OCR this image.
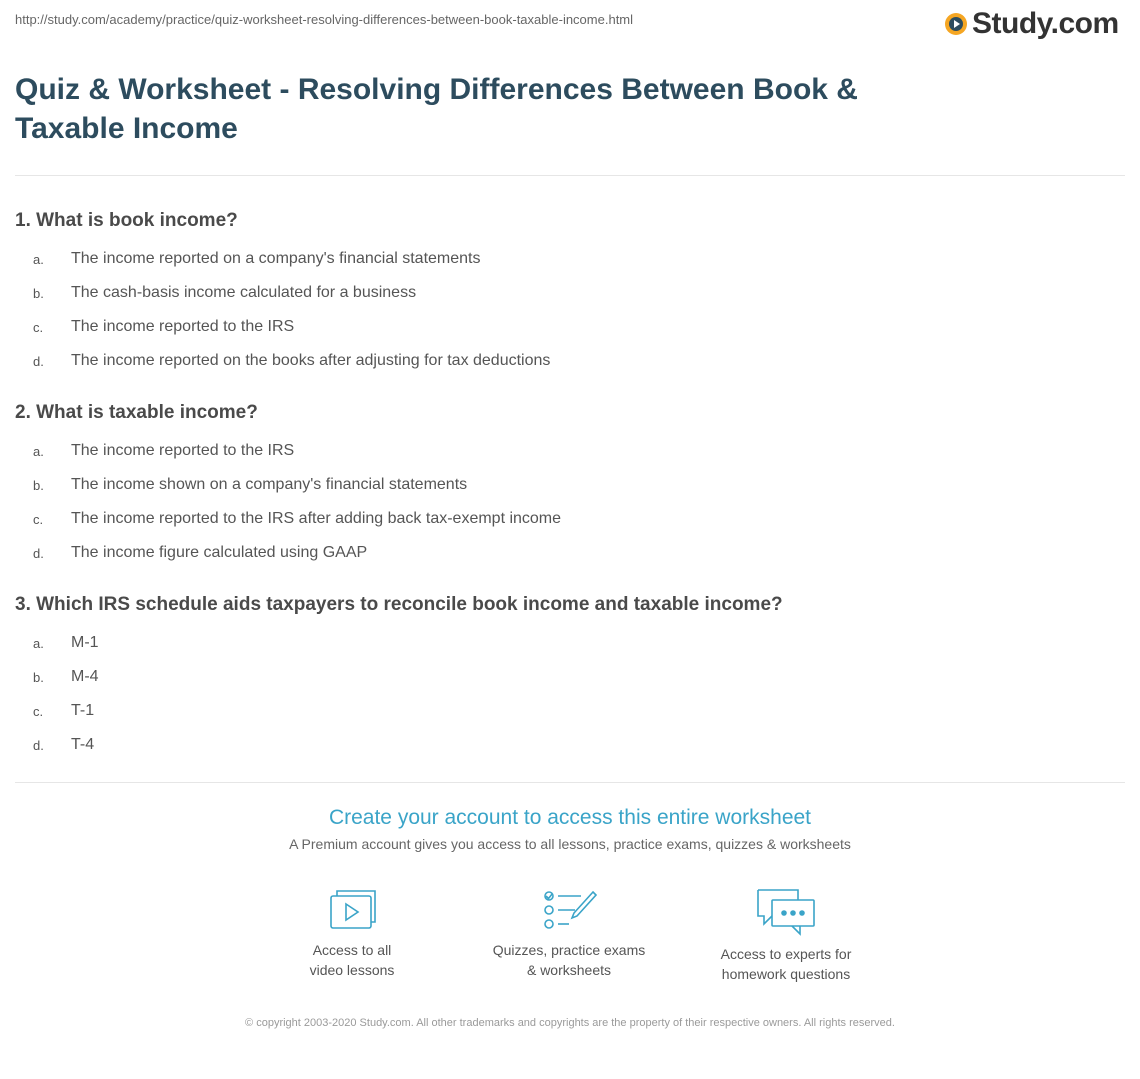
http://study.com/academy/practice/quiz-worksheet-resolving-differences-between-book-taxable-income.html	Study.com
Quiz & Worksheet - Resolving Differences Between Book & Taxable Income

1. What is book income?

a.	The income reported on a company's financial statements
b.	The cash-basis income calculated for a business
c.	The income reported to the IRS
d.	The income reported on the books after adjusting for tax deductions

2. What is taxable income?

a.	The income reported to the IRS
b.	The income shown on a company's financial statements
c.	The income reported to the IRS after adding back tax-exempt income
d.	The income figure calculated using GAAP

3. Which IRS schedule aids taxpayers to reconcile book income and taxable income?

a.	M-1
b.	M-4
c.	T-1
d.	T-4

Create your account to access this entire worksheet

A Premium account gives you access to all lessons, practice exams, quizzes & worksheets
Access to all
video lessons
Quizzes, practice exams
& worksheets
Access to experts for
homework questions
© copyright 2003-2020 Study.com. All other trademarks and copyrights are the property of their respective owners. All rights reserved.
